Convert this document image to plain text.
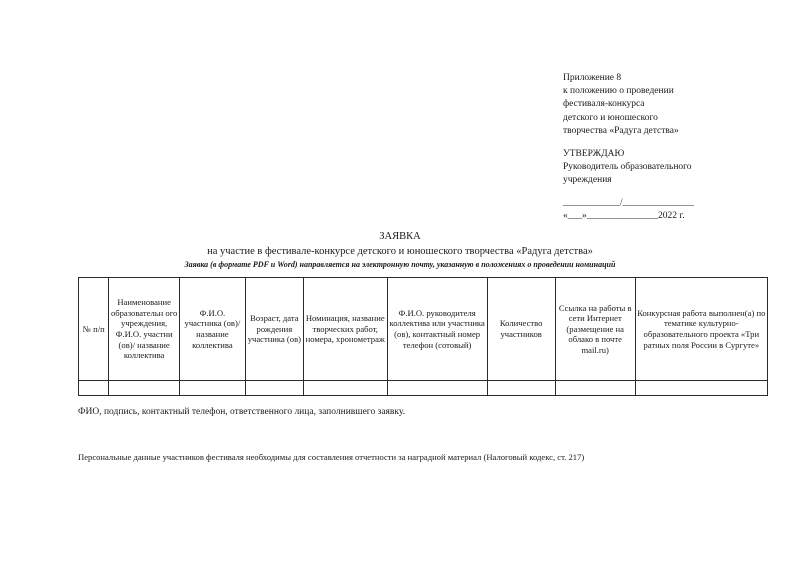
Приложение 8
к положению о проведении
фестиваля-конкурса
детского и юношеского
творчества «Радуга детства»
УТВЕРЖДАЮ
Руководитель образовательного
учреждения
____________/_______________
«___»_______________2022 г.
ЗАЯВКА
на участие в фестивале-конкурсе детского и юношеского творчества «Радуга детства»
Заявка (в формате PDF и Word) направляется на электронную почту, указанную в положениях о проведении номинаций
№ п/п	Наименование образовательн ого учреждения, Ф.И.О. участни (ов)/ название коллектива	Ф.И.О. участника (ов)/ название коллектива	Возраст, дата рождения участника (ов)	Номинация, название творческих работ, номера, хронометраж	Ф.И.О. руководителя коллектива или участника (ов), контактный номер телефон (сотовый)	Количество участников	Ссылка на работы в сети Интернет (размещение на облако в почте mail.ru)	Конкурсная работа выполнен(а) по тематике культурно-образовательного проекта «Три ратных поля России в Сургуте»

ФИО, подпись, контактный телефон, ответственного лица, заполнившего заявку.
Персональные данные участников фестиваля необходимы для составления отчетности за наградной материал (Налоговый кодекс, ст. 217)
